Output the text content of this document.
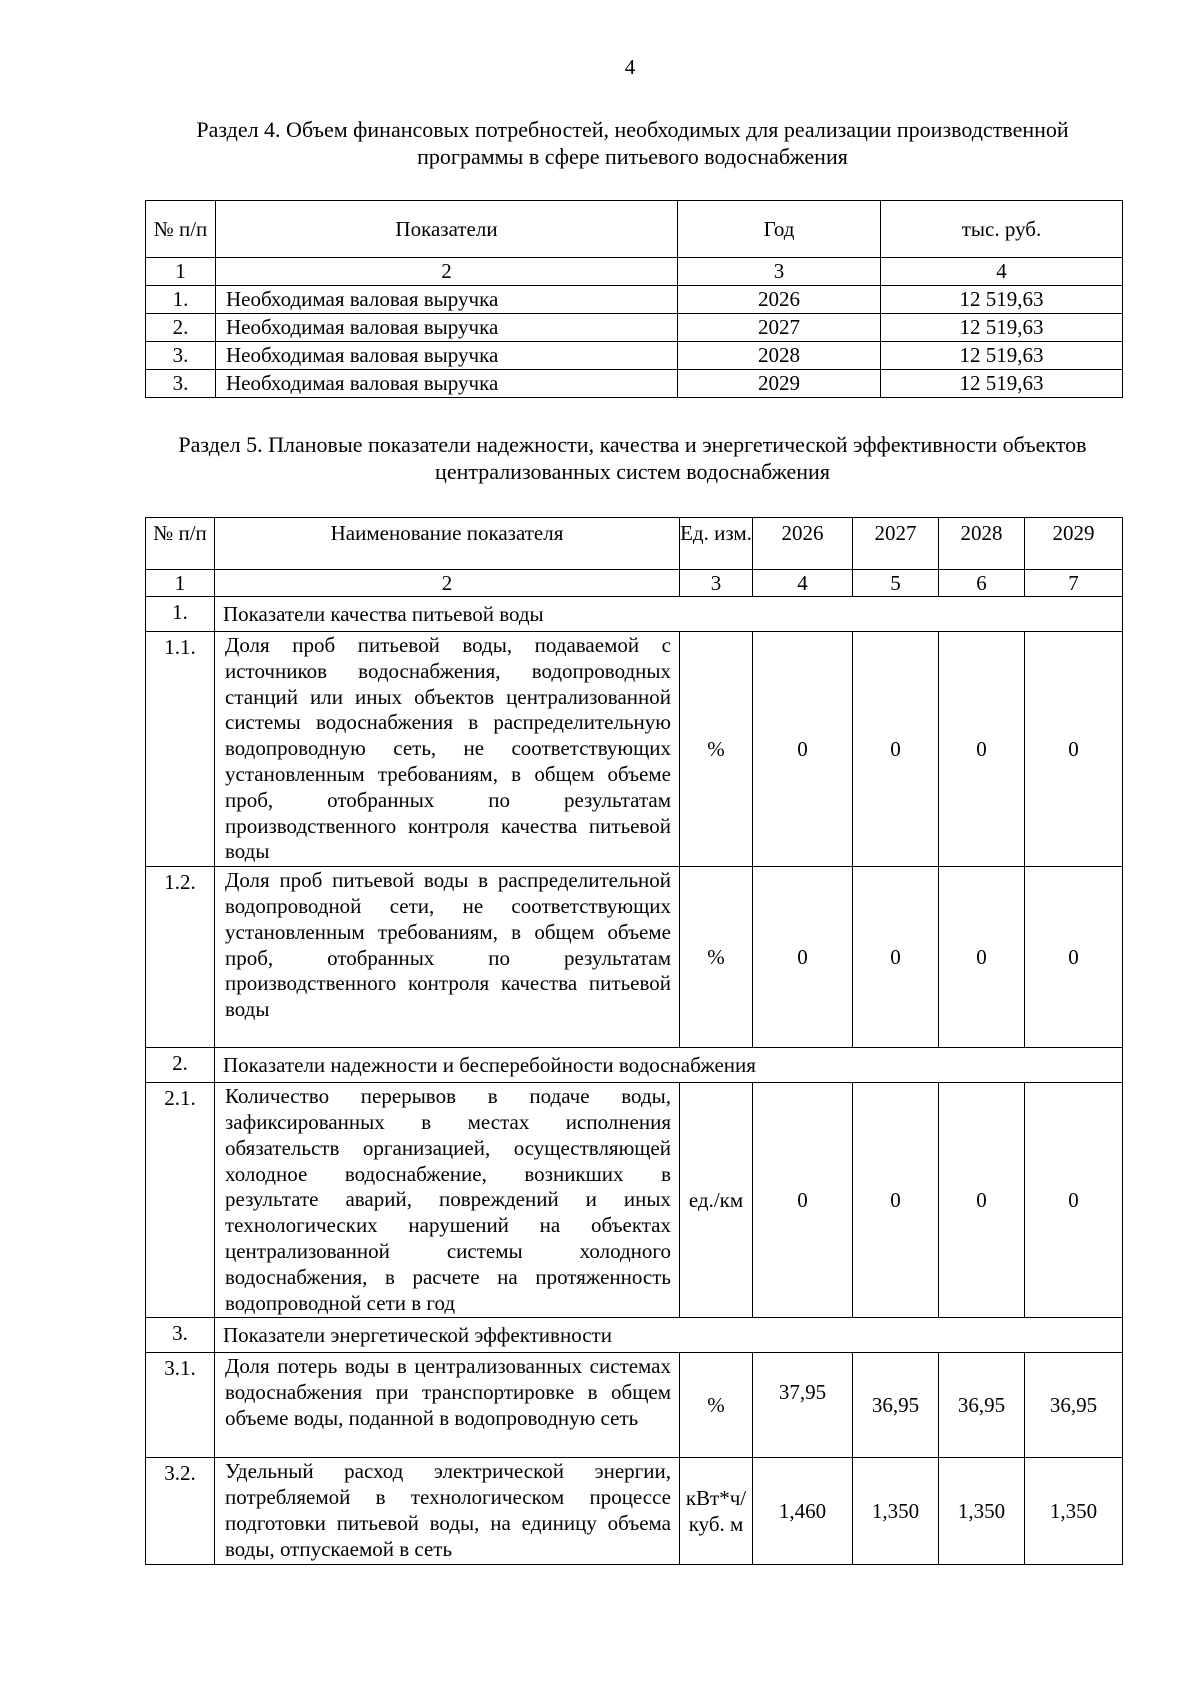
4
Раздел 4. Объем финансовых потребностей, необходимых для реализации производственной программы в сфере питьевого водоснабжения
№ п/п	Показатели	Год	тыс. руб.
1	2	3	4
1.	Необходимая валовая выручка	2026	12 519,63
2.	Необходимая валовая выручка	2027	12 519,63
3.	Необходимая валовая выручка	2028	12 519,63
3.	Необходимая валовая выручка	2029	12 519,63
Раздел 5. Плановые показатели надежности, качества и энергетической эффективности объектов централизованных систем водоснабжения
№ п/п	Наименование показателя	Ед. изм.	2026	2027	2028	2029
1	2	3	4	5	6	7
1.	Показатели качества питьевой воды					
1.1.	Доля проб питьевой воды, подаваемой с источников водоснабжения, водопроводных станций или иных объектов централизованной системы водоснабжения в распределительную водопроводную сеть, не соответствующих установленным требованиям, в общем объеме проб, отобранных по результатам производственного контроля качества питьевой воды	%	0	0	0	0
1.2.	Доля проб питьевой воды в распределительной водопроводной сети, не соответствующих установленным требованиям, в общем объеме проб, отобранных по результатам производственного контроля качества питьевой воды	%	0	0	0	0
2.	Показатели надежности и бесперебойности водоснабжения					
2.1.	Количество перерывов в подаче воды, зафиксированных в местах исполнения обязательств организацией, осуществляющей холодное водоснабжение, возникших в результате аварий, повреждений и иных технологических нарушений на объектах централизованной системы холодного водоснабжения, в расчете на протяженность водопроводной сети в год	ед./км	0	0	0	0
3.	Показатели энергетической эффективности					
3.1.	Доля потерь воды в централизованных системах водоснабжения при транспортировке в общем объеме воды, поданной в водопроводную сеть	%	37,95	36,95	36,95	36,95
3.2.	Удельный расход электрической энергии, потребляемой в технологическом процессе подготовки питьевой воды, на единицу объема воды, отпускаемой в сеть	кВт*ч/куб. м	1,460	1,350	1,350	1,350
